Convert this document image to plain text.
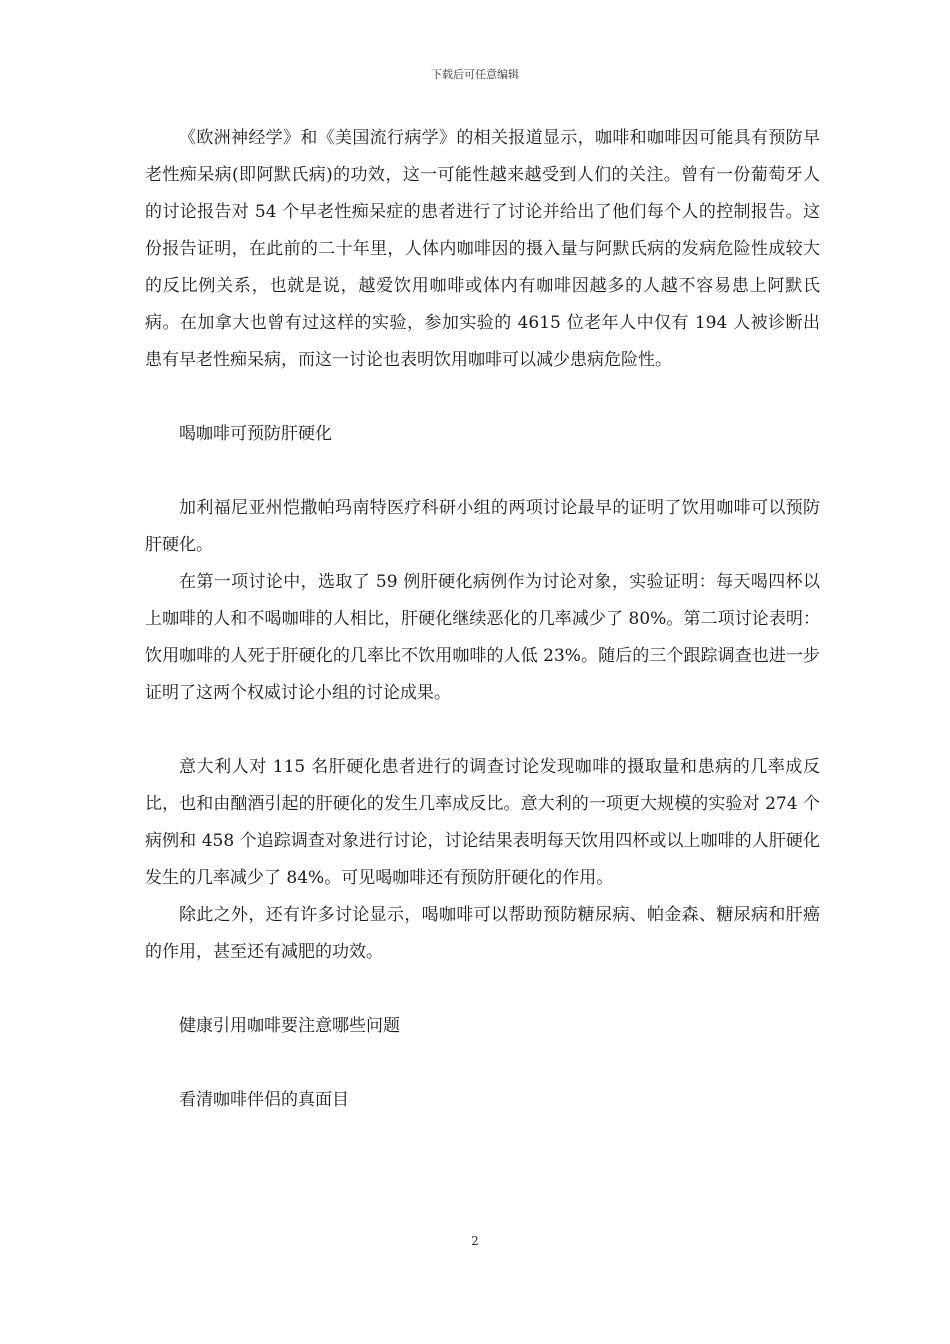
下载后可任意编辑

《欧洲神经学》和《美国流行病学》的相关报道显示，咖啡和咖啡因可能具有预防早老性痴呆病(即阿默氏病)的功效，这一可能性越来越受到人们的关注。曾有一份葡萄牙人的讨论报告对 54 个早老性痴呆症的患者进行了讨论并给出了他们每个人的控制报告。这份报告证明，在此前的二十年里，人体内咖啡因的摄入量与阿默氏病的发病危险性成较大的反比例关系，也就是说，越爱饮用咖啡或体内有咖啡因越多的人越不容易患上阿默氏病。在加拿大也曾有过这样的实验，参加实验的 4615 位老年人中仅有 194 人被诊断出患有早老性痴呆病，而这一讨论也表明饮用咖啡可以减少患病危险性。

喝咖啡可预防肝硬化

加利福尼亚州恺撒帕玛南特医疗科研小组的两项讨论最早的证明了饮用咖啡可以预防肝硬化。

在第一项讨论中，选取了 59 例肝硬化病例作为讨论对象，实验证明：每天喝四杯以上咖啡的人和不喝咖啡的人相比，肝硬化继续恶化的几率减少了 80%。第二项讨论表明：饮用咖啡的人死于肝硬化的几率比不饮用咖啡的人低 23%。随后的三个跟踪调查也进一步证明了这两个权威讨论小组的讨论成果。

意大利人对 115 名肝硬化患者进行的调查讨论发现咖啡的摄取量和患病的几率成反比，也和由酗酒引起的肝硬化的发生几率成反比。意大利的一项更大规模的实验对 274 个病例和 458 个追踪调查对象进行讨论，讨论结果表明每天饮用四杯或以上咖啡的人肝硬化发生的几率减少了 84%。可见喝咖啡还有预防肝硬化的作用。

除此之外，还有许多讨论显示，喝咖啡可以帮助预防糖尿病、帕金森、糖尿病和肝癌的作用，甚至还有减肥的功效。

健康引用咖啡要注意哪些问题

看清咖啡伴侣的真面目

2
